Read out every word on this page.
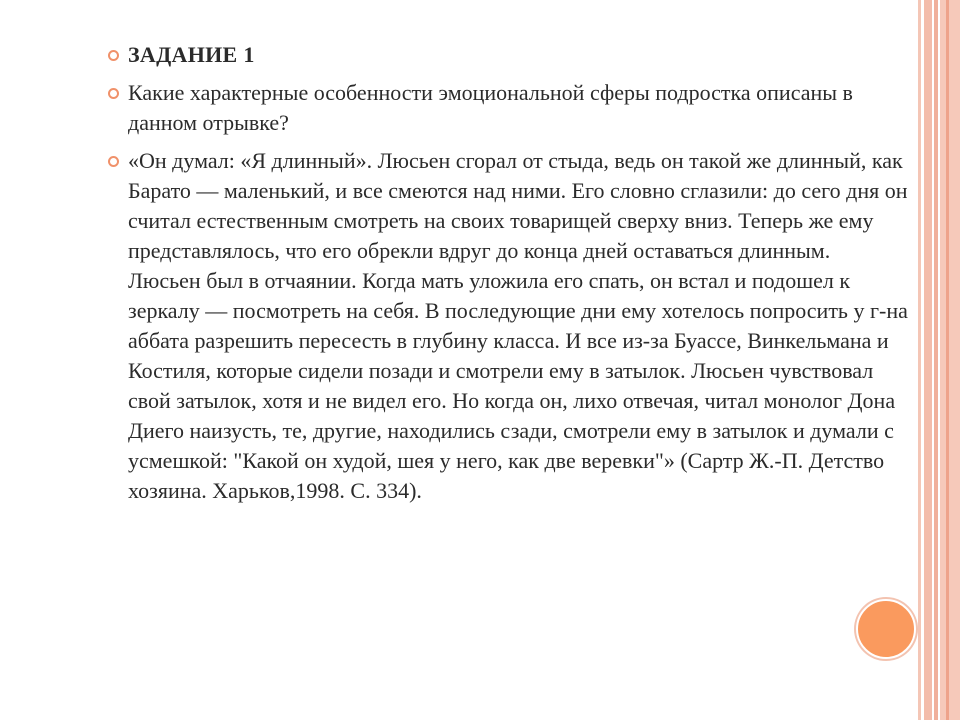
ЗАДАНИЕ 1
Какие характерные особенности эмоциональной сферы подростка описаны в данном отрывке?
«Он думал: «Я длинный». Люсьен сгорал от стыда, ведь он такой же длинный, как Барато — маленький, и все смеются над ними. Его словно сглазили: до сего дня он считал естественным смотреть на своих товарищей сверху вниз. Теперь же ему представлялось, что его обрекли вдруг до конца дней оставаться длинным. Люсьен был в отчаянии. Когда мать уложила его спать, он встал и подошел к зеркалу — посмотреть на себя. В последующие дни ему хотелось попросить у г-на аббата разрешить пересесть в глубину класса. И все из-за Буассе, Винкельмана и Костиля, которые сидели позади и смотрели ему в затылок. Люсьен чувствовал свой затылок, хотя и не видел его. Но когда он, лихо отвечая, читал монолог Дона Диего наизусть, те, другие, находились сзади, смотрели ему в затылок и думали с усмешкой: "Какой он худой, шея у него, как две веревки"» (Сартр Ж.-П. Детство хозяина. Харьков,1998. С. 334).
